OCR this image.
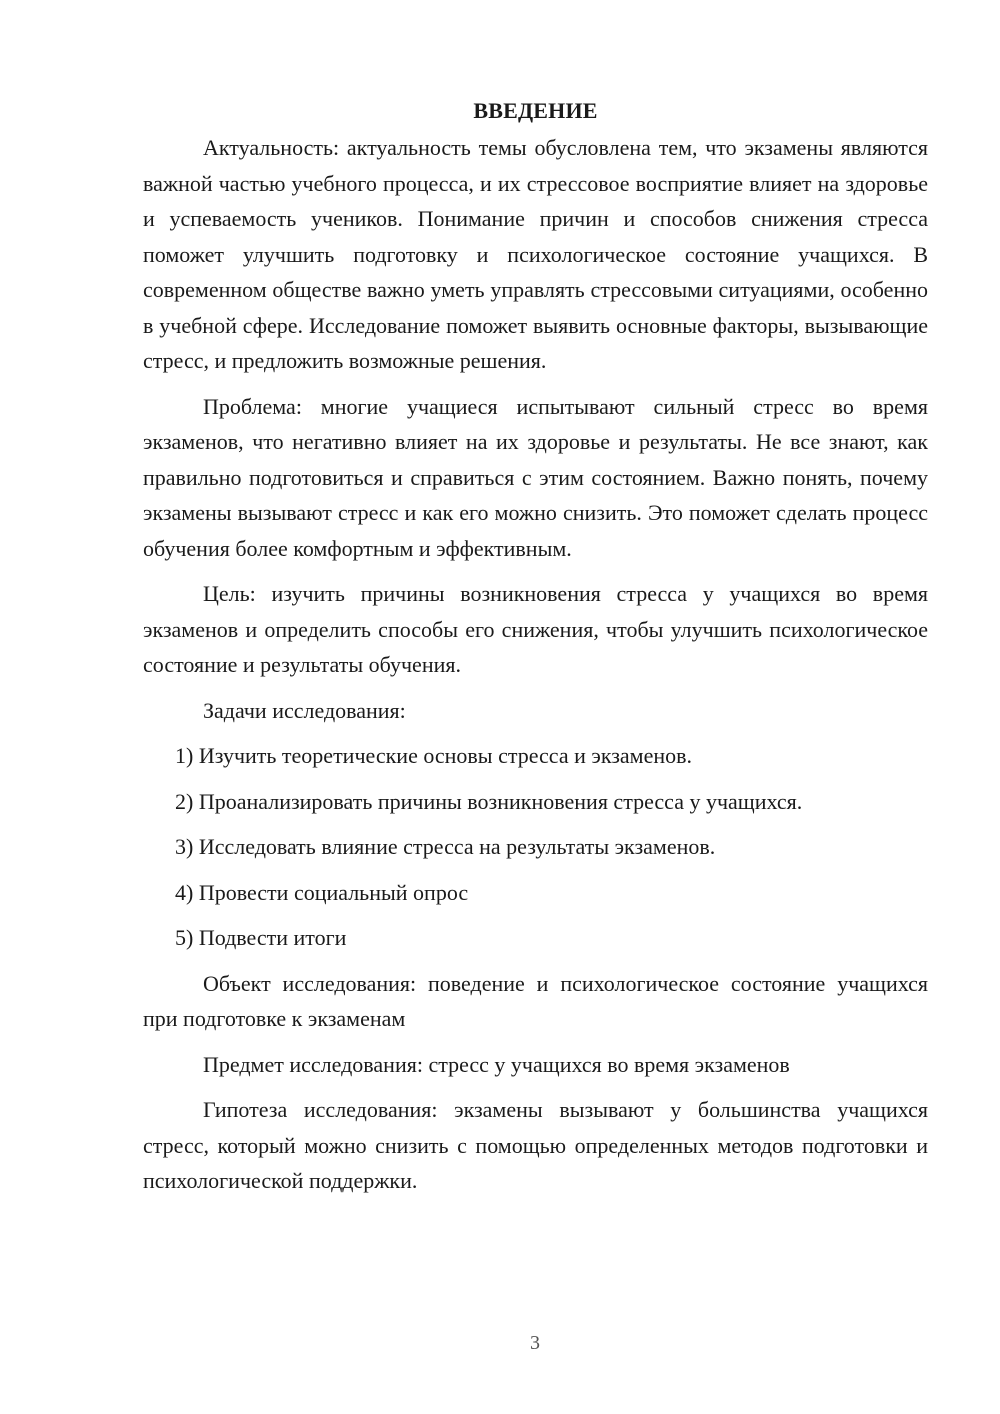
ВВЕДЕНИЕ

Актуальность: актуальность темы обусловлена тем, что экзамены являются важной частью учебного процесса, и их стрессовое восприятие влияет на здоровье и успеваемость учеников. Понимание причин и способов снижения стресса поможет улучшить подготовку и психологическое состояние учащихся. В современном обществе важно уметь управлять стрессовыми ситуациями, особенно в учебной сфере. Исследование поможет выявить основные факторы, вызывающие стресс, и предложить возможные решения.

Проблема: многие учащиеся испытывают сильный стресс во время экзаменов, что негативно влияет на их здоровье и результаты. Не все знают, как правильно подготовиться и справиться с этим состоянием. Важно понять, почему экзамены вызывают стресс и как его можно снизить. Это поможет сделать процесс обучения более комфортным и эффективным.

Цель: изучить причины возникновения стресса у учащихся во время экзаменов и определить способы его снижения, чтобы улучшить психологическое состояние и результаты обучения.

Задачи исследования:

1) Изучить теоретические основы стресса и экзаменов.

2) Проанализировать причины возникновения стресса у учащихся.

3) Исследовать влияние стресса на результаты экзаменов.

4) Провести социальный опрос

5) Подвести итоги

Объект исследования: поведение и психологическое состояние учащихся при подготовке к экзаменам

Предмет исследования: стресс у учащихся во время экзаменов

Гипотеза исследования: экзамены вызывают у большинства учащихся стресс, который можно снизить с помощью определенных методов подготовки и психологической поддержки.

3
